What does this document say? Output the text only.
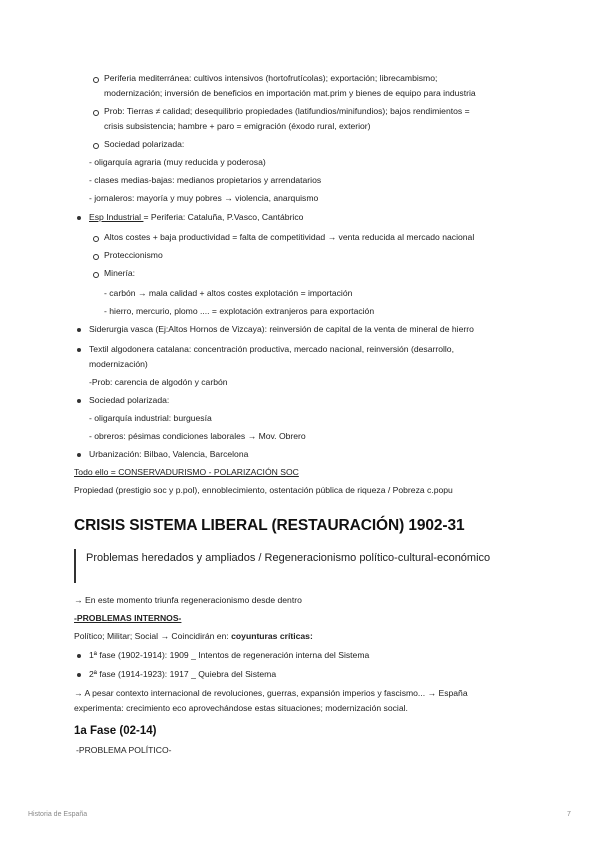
Periferia mediterránea: cultivos intensivos (hortofrutícolas); exportación; librecambismo;
modernización; inversión de beneficios en importación mat.prim y bienes de equipo para industria
Prob: Tierras ≠ calidad; desequilibrio propiedades (latifundios/minifundios); bajos rendimientos =
crisis subsistencia; hambre + paro = emigración (éxodo rural, exterior)
Sociedad polarizada:
- oligarquía agraria (muy reducida y poderosa)
- clases medias-bajas: medianos propietarios y arrendatarios
- jornaleros: mayoría y muy pobres → violencia, anarquismo
Esp Industrial = Periferia: Cataluña, P.Vasco, Cantábrico
Altos costes + baja productividad = falta de competitividad → venta reducida al mercado nacional
Proteccionismo
Minería:
- carbón → mala calidad + altos costes explotación = importación
- hierro, mercurio, plomo .... = explotación extranjeros para exportación
Siderurgia vasca (Ej:Altos Hornos de Vizcaya): reinversión de capital de la venta de mineral de hierro
Textil algodonera catalana: concentración productiva, mercado nacional, reinversión (desarrollo,
modernización)
-Prob: carencia de algodón y carbón
Sociedad polarizada:
- oligarquía industrial: burguesía
- obreros: pésimas condiciones laborales → Mov. Obrero
Urbanización: Bilbao, Valencia, Barcelona
Todo ello = CONSERVADURISMO - POLARIZACIÓN SOC
Propiedad (prestigio soc y p.pol), ennoblecimiento, ostentación pública de riqueza / Pobreza c.popu
CRISIS SISTEMA LIBERAL (RESTAURACIÓN) 1902-31
Problemas heredados y ampliados / Regeneracionismo político-cultural-económico
→ En este momento triunfa regeneracionismo desde dentro
-PROBLEMAS INTERNOS-
Político; Militar; Social → Coincidirán en: coyunturas críticas:
1ª fase (1902-1914): 1909 _ Intentos de regeneración interna del Sistema
2ª fase (1914-1923): 1917 _ Quiebra del Sistema
→ A pesar contexto internacional de revoluciones, guerras, expansión imperios y fascismo... → España
experimenta: crecimiento eco aprovechándose estas situaciones; modernización social.
1a Fase (02-14)
-PROBLEMA POLÍTICO-
Historia de España	7
